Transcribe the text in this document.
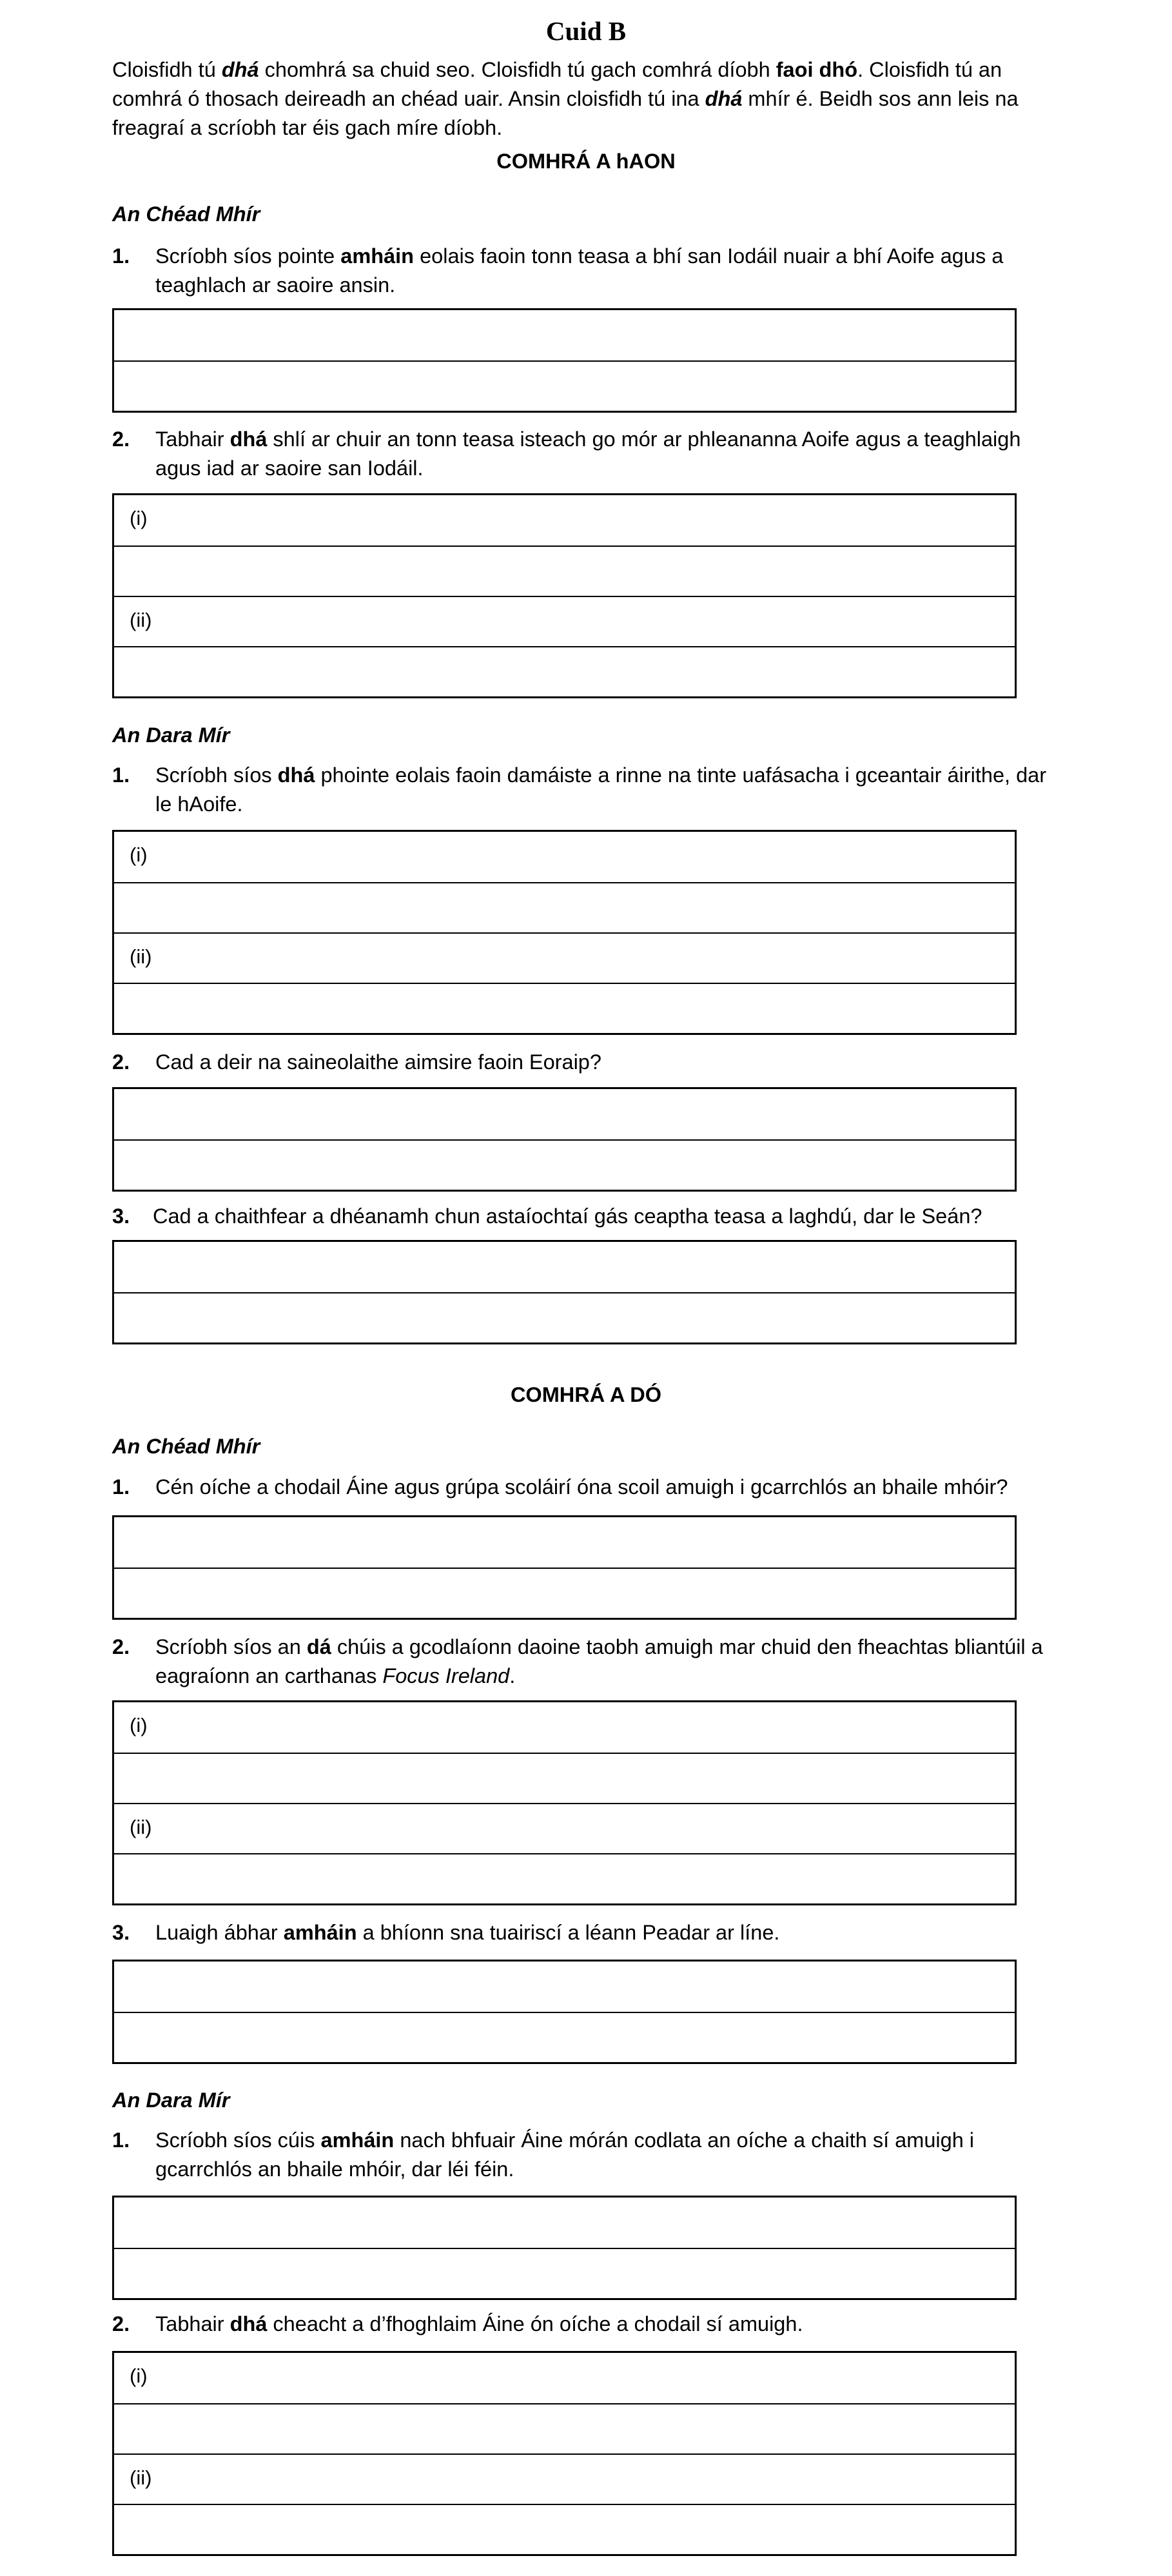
Cuid B
Cloisfidh tú dhá chomhrá sa chuid seo. Cloisfidh tú gach comhrá díobh faoi dhó. Cloisfidh tú an comhrá ó thosach deireadh an chéad uair. Ansin cloisfidh tú ina dhá mhír é. Beidh sos ann leis na freagraí a scríobh tar éis gach míre díobh.
COMHRÁ A hAON
An Chéad Mhír
1.	Scríobh síos pointe amháin eolais faoin tonn teasa a bhí san Iodáil nuair a bhí Aoife agus a teaghlach ar saoire ansin.
2.	Tabhair dhá shlí ar chuir an tonn teasa isteach go mór ar phleananna Aoife agus a teaghlaigh agus iad ar saoire san Iodáil.
(i)
(ii)
An Dara Mír
1.	Scríobh síos dhá phointe eolais faoin damáiste a rinne na tinte uafásacha i gceantair áirithe, dar le hAoife.
(i)
(ii)
2.	Cad a deir na saineolaithe aimsire faoin Eoraip?
3.	Cad a chaithfear a dhéanamh chun astaíochtaí gás ceaptha teasa a laghdú, dar le Seán?
COMHRÁ A DÓ
An Chéad Mhír
1.	Cén oíche a chodail Áine agus grúpa scoláirí óna scoil amuigh i gcarrchlós an bhaile mhóir?
2.	Scríobh síos an dá chúis a gcodlaíonn daoine taobh amuigh mar chuid den fheachtas bliantúil a eagraíonn an carthanas Focus Ireland.
(i)
(ii)
3.	Luaigh ábhar amháin a bhíonn sna tuairiscí a léann Peadar ar líne.
An Dara Mír
1.	Scríobh síos cúis amháin nach bhfuair Áine mórán codlata an oíche a chaith sí amuigh i gcarrchlós an bhaile mhóir, dar léi féin.
2.	Tabhair dhá cheacht a d’fhoghlaim Áine ón oíche a chodail sí amuigh.
(i)
(ii)
